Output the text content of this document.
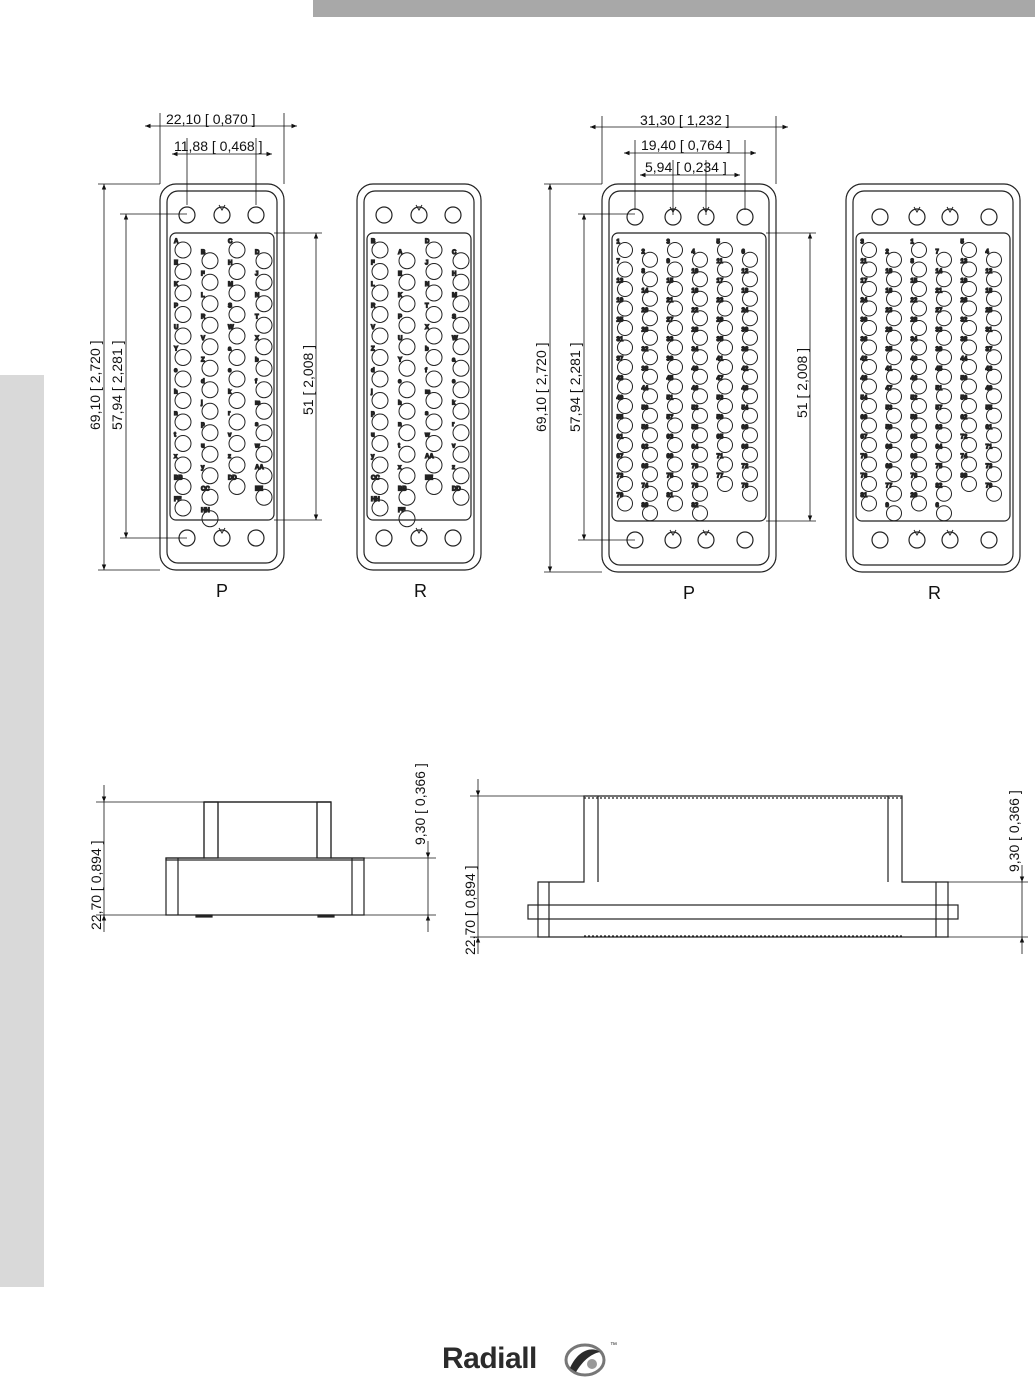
A
B
C
D
E
F
H
J
K
L
M
N
P
R
S
T
U
V
W
X
Y
Z
a
b
c
d
e
f
h
j
k
m
n
p
r
s
t
u
v
w
x
y
z
AA
BB
CC
DD
EE
FF
HH
B
A
D
C
F
E
J
H
L
K
N
M
R
P
T
S
V
U
X
W
Z
Y
b
a
d
c
f
e
j
h
m
k
p
n
s
r
u
t
w
v
y
x
AA
z
CC
BB
EE
DD
HH
FF
22,10 [ 0,870 ]
11,88 [ 0,468 ]
69,10 [ 2,720 ] 57,94 [ 2,281 ]	51 [ 2,008 ]
P	R
1
2
3
4
5
6
7
8
9
10
11
12
13
14
15
16
17
18
19
20
21
22
23
24
25
26
27
28
29
30
31
32
33
34
35
36
37
38
39
40
41
42
43
44
45
46
47
48
49
50
51
52
53
54
55
56
57
58
59
60
61
62
63
64
65
66
67
68
69
70
71
72
73
74
75
76
77
78
79
80
81
82
3
2
1
7
5
4
11
10
8
14
13
12
17
16
15
21
19
18
24
23
22
27
26
25
30
29
28
33
32
31
36
35
34
39
38
37
42
41
40
45
44
43
48
47
46
51
50
49
54
53
52
57
56
55
60
59
58
63
62
61
67
66
65
64
72
71
70
69
68
75
74
73
78
77
76
82
80
79
81
9
20
6
31,30 [ 1,232 ]
19,40 [ 0,764 ]
5,94 [ 0,234 ]
69,10 [ 2,720 ] 57,94 [ 2,281 ]	51 [ 2,008 ]
P	R
22,70 [ 0,894 ]
9,30 [ 0,366 ]
22,70 [ 0,894 ]
9,30 [ 0,366 ]
Radiall	™
